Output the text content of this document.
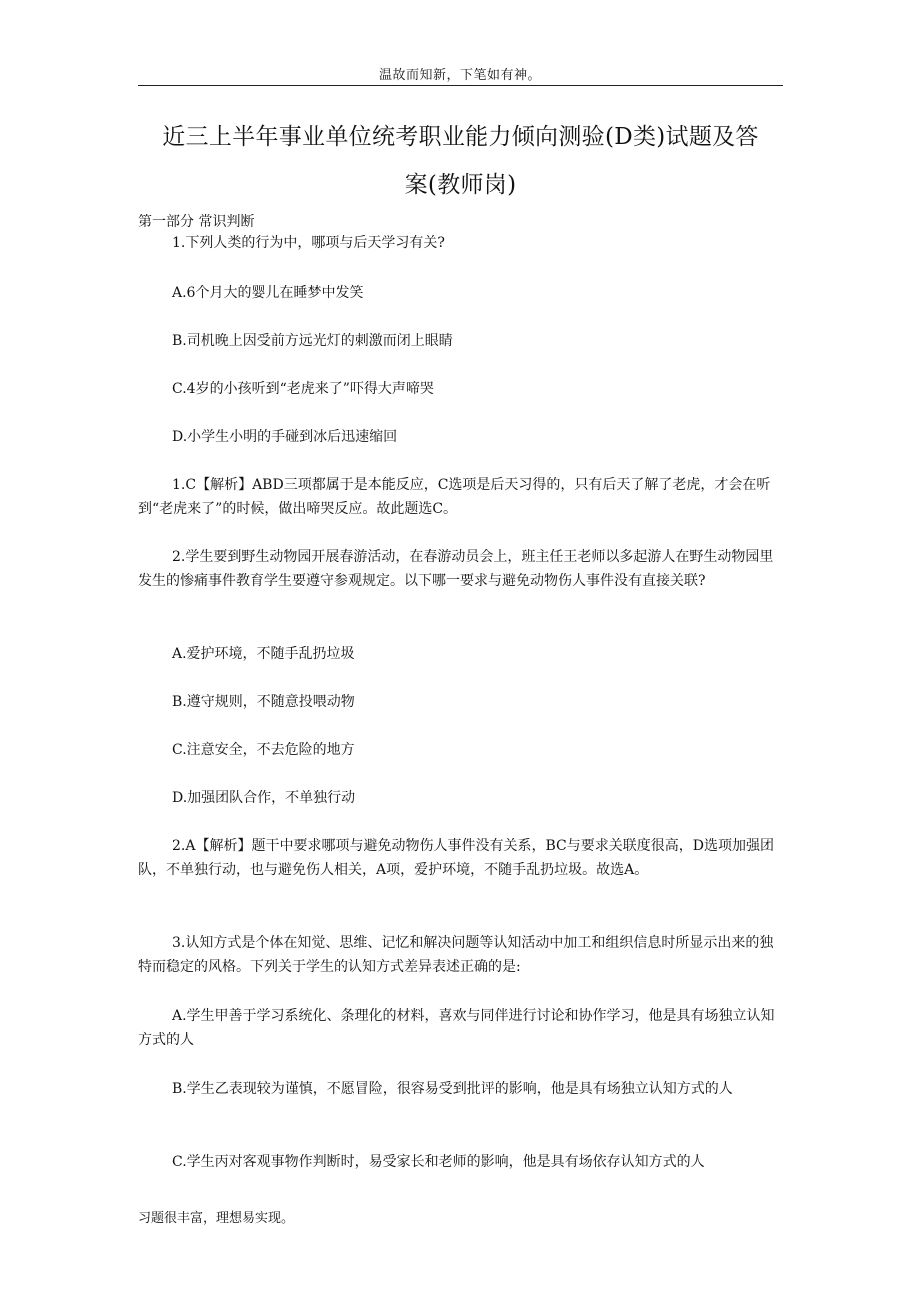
温故而知新，下笔如有神。
近三上半年事业单位统考职业能力倾向测验(D类)试题及答
案(教师岗)
第一部分 常识判断

1.下列人类的行为中，哪项与后天学习有关?

A.6个月大的婴儿在睡梦中发笑

B.司机晚上因受前方远光灯的刺激而闭上眼睛

C.4岁的小孩听到“老虎来了”吓得大声啼哭

D.小学生小明的手碰到冰后迅速缩回

1.C【解析】ABD三项都属于是本能反应，C选项是后天习得的，只有后天了解了老虎，才会在听到“老虎来了”的时候，做出啼哭反应。故此题选C。

2.学生要到野生动物园开展春游活动，在春游动员会上，班主任王老师以多起游人在野生动物园里发生的惨痛事件教育学生要遵守参观规定。以下哪一要求与避免动物伤人事件没有直接关联?

A.爱护环境，不随手乱扔垃圾

B.遵守规则，不随意投喂动物

C.注意安全，不去危险的地方

D.加强团队合作，不单独行动

2.A【解析】题干中要求哪项与避免动物伤人事件没有关系，BC与要求关联度很高，D选项加强团队，不单独行动，也与避免伤人相关，A项，爱护环境，不随手乱扔垃圾。故选A。

3.认知方式是个体在知觉、思维、记忆和解决问题等认知活动中加工和组织信息时所显示出来的独特而稳定的风格。下列关于学生的认知方式差异表述正确的是:

A.学生甲善于学习系统化、条理化的材料，喜欢与同伴进行讨论和协作学习，他是具有场独立认知方式的人

B.学生乙表现较为谨慎，不愿冒险，很容易受到批评的影响，他是具有场独立认知方式的人

C.学生丙对客观事物作判断时，易受家长和老师的影响，他是具有场依存认知方式的人

习题很丰富，理想易实现。
